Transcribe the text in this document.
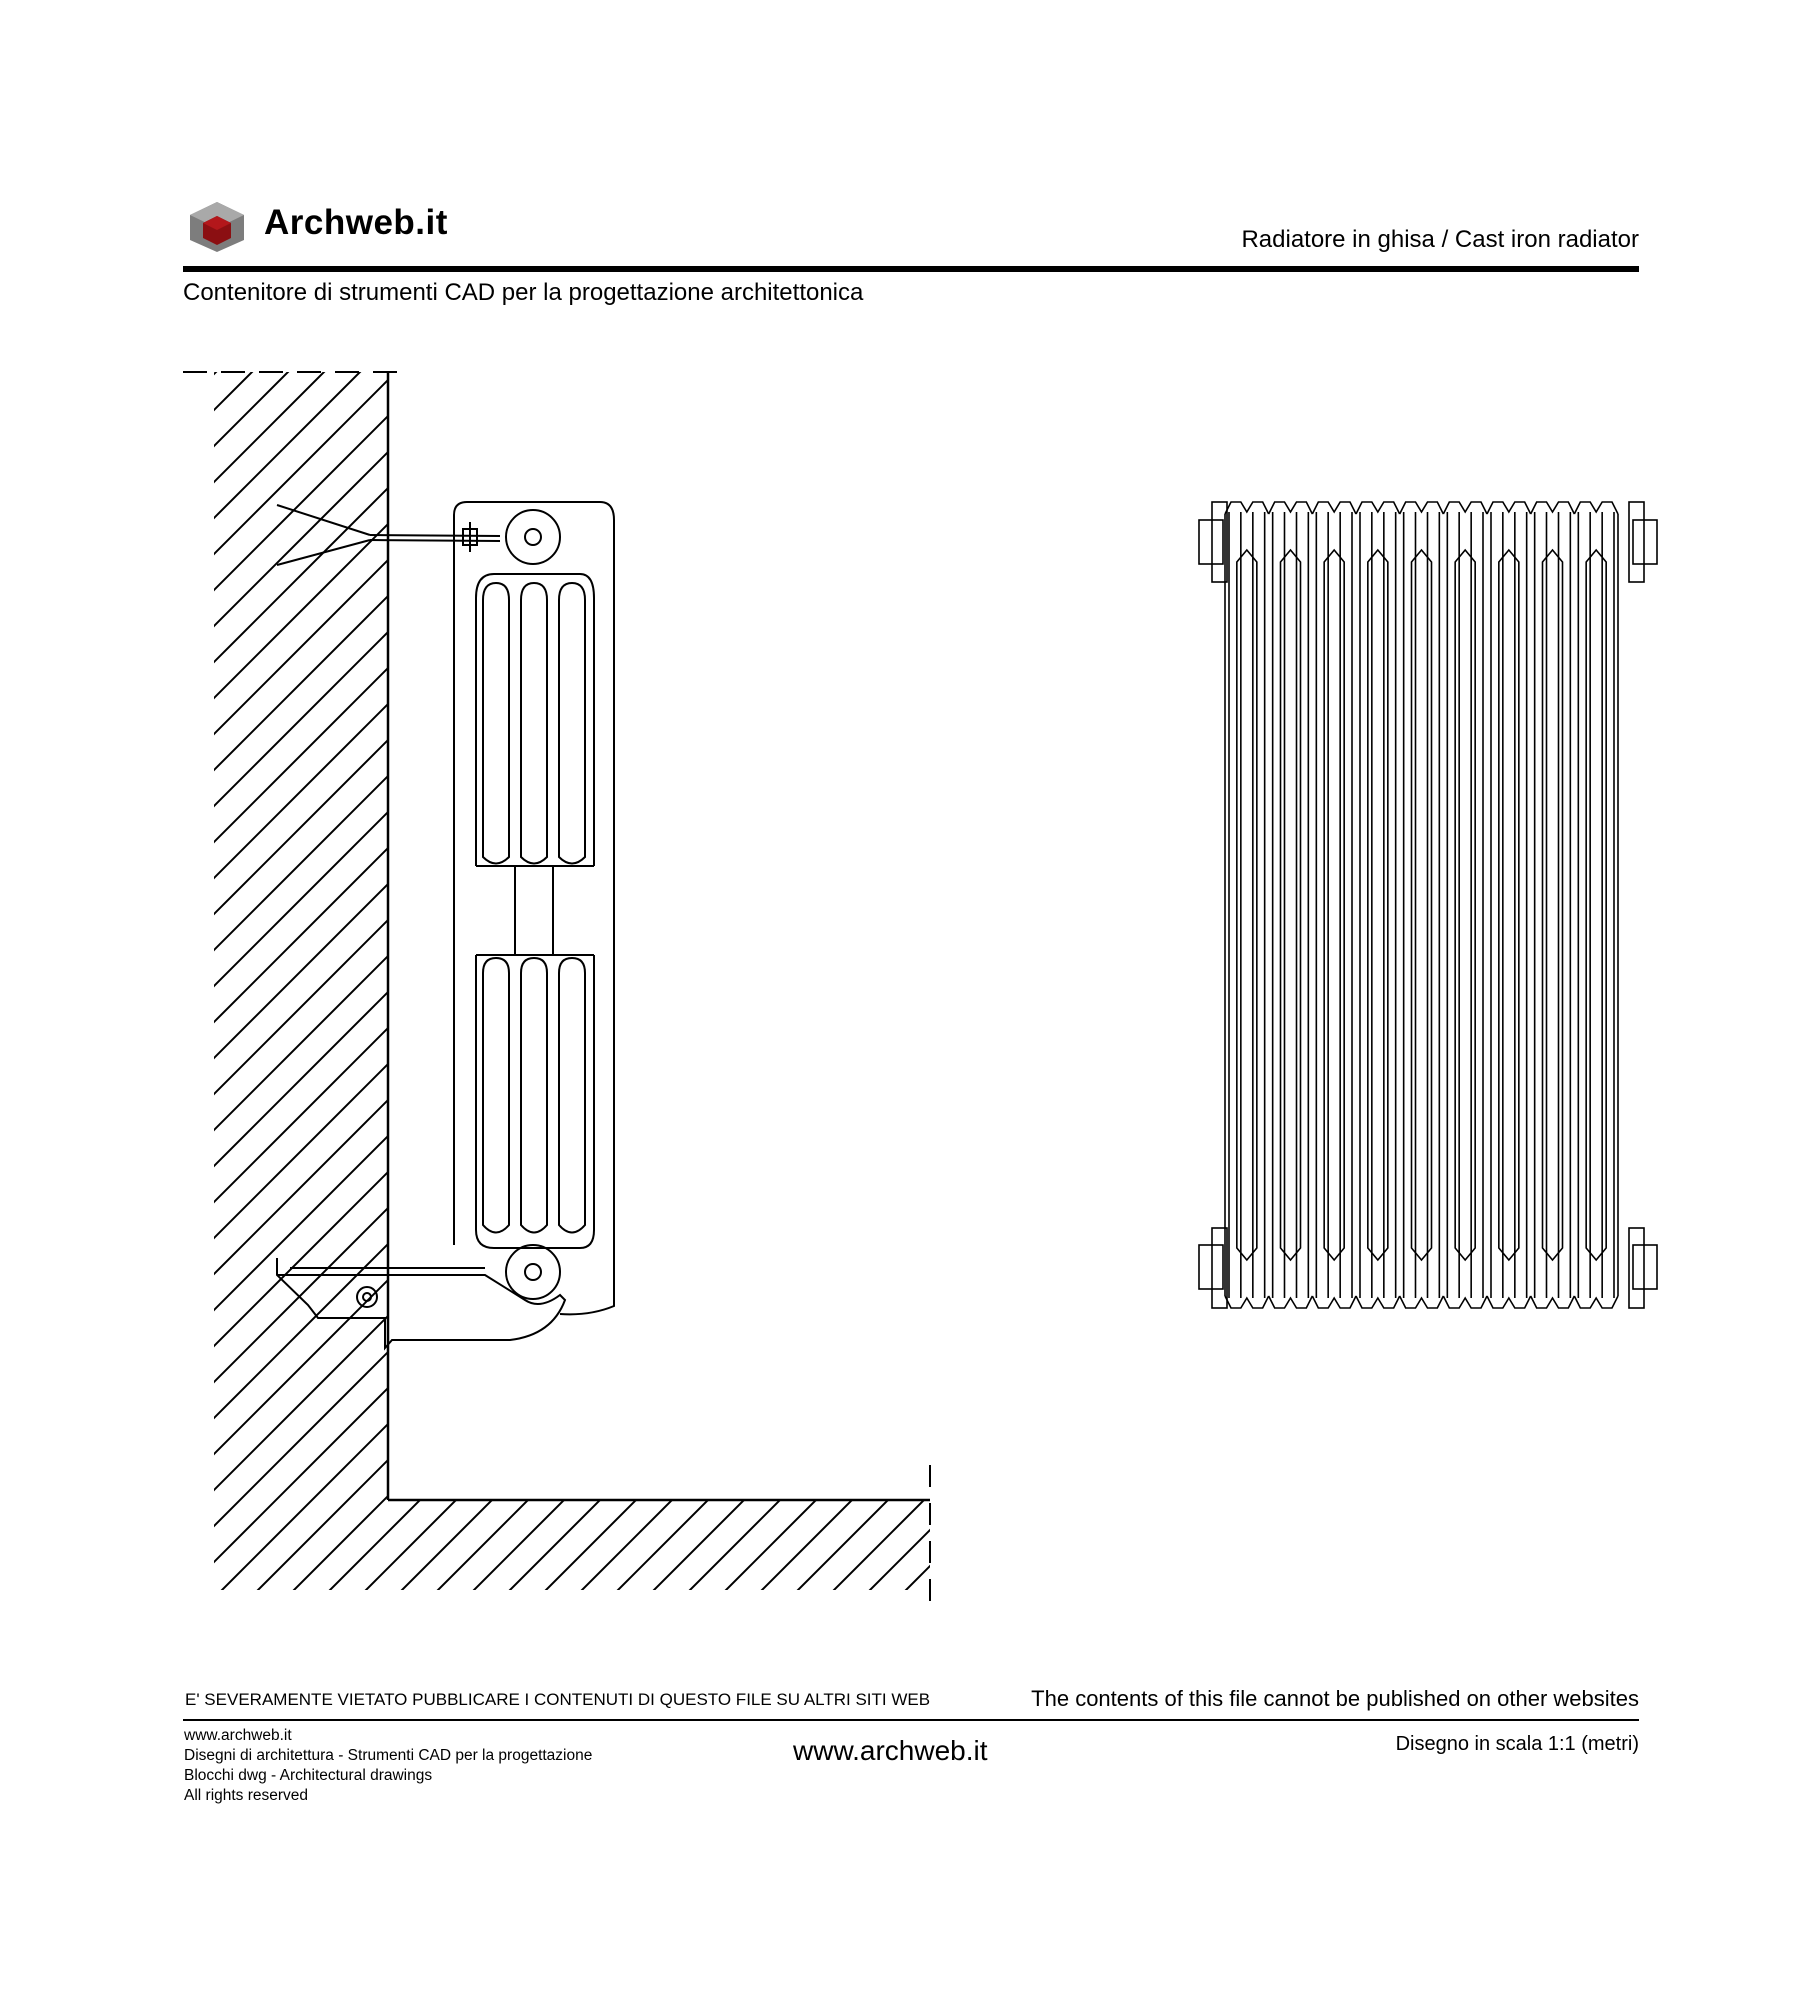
Archweb.it	Radiatore in ghisa / Cast iron radiator
Contenitore di strumenti CAD per la progettazione architettonica
E' SEVERAMENTE VIETATO PUBBLICARE I CONTENUTI DI QUESTO FILE SU ALTRI SITI WEB	The contents of this file cannot be published on other websites
www.archweb.it
Disegni di architettura - Strumenti CAD per la progettazione
Blocchi dwg - Architectural drawings
All rights reserved
www.archweb.it	Disegno in scala 1:1 (metri)
